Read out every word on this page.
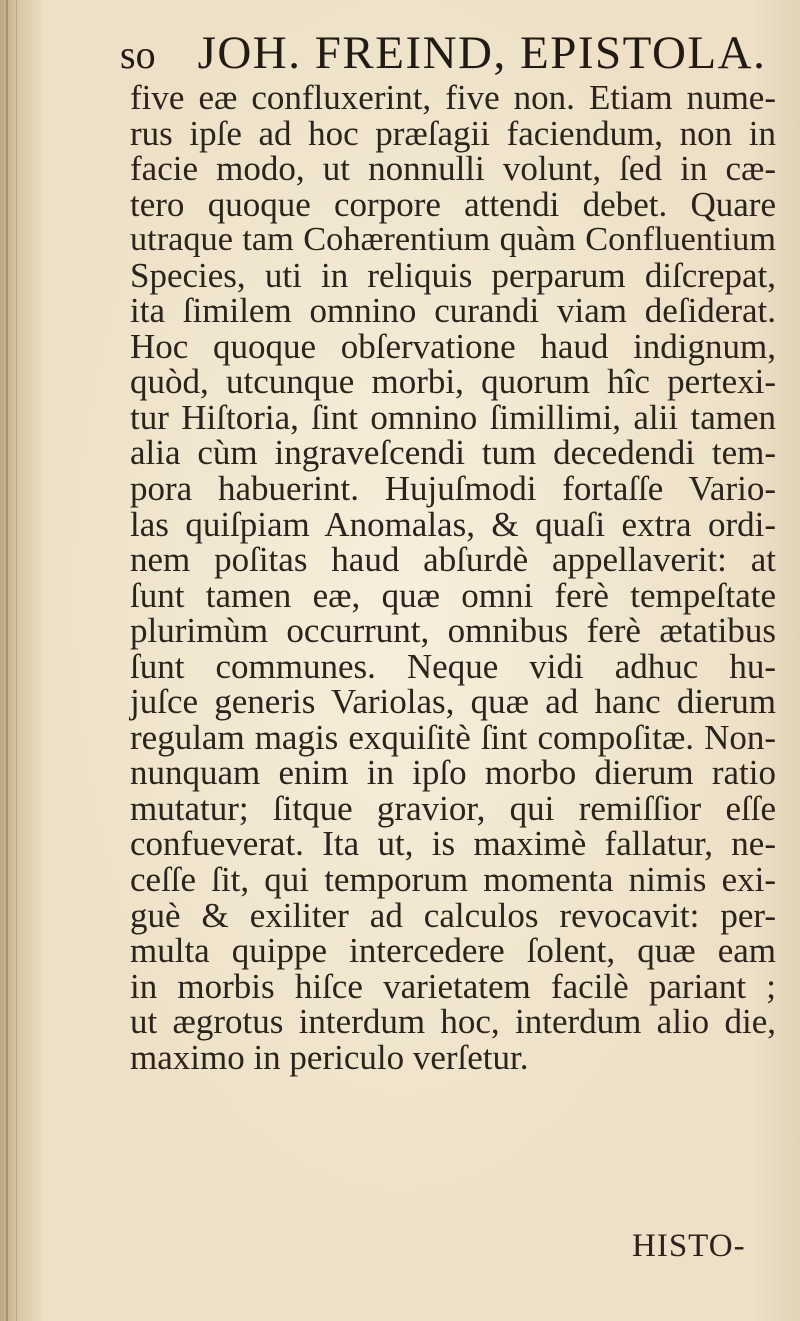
so JOH. FREIND, EPISTOLA.
five eæ confluxerint, five non. Etiam nume-
rus ipſe ad hoc præſagii faciendum, non in
facie modo, ut nonnulli volunt, ſed in cæ-
tero quoque corpore attendi debet. Quare
utraque tam Cohærentium quàm Confluentium
Species, uti in reliquis perparum diſcrepat,
ita ſimilem omnino curandi viam deſiderat.
Hoc quoque obſervatione haud indignum,
quòd, utcunque morbi, quorum hîc pertexi-
tur Hiſtoria, ſint omnino ſimillimi, alii tamen
alia cùm ingraveſcendi tum decedendi tem-
pora habuerint. Hujuſmodi fortaſſe Vario-
las quiſpiam Anomalas, & quaſi extra ordi-
nem poſitas haud abſurdè appellaverit: at
ſunt tamen eæ, quæ omni ferè tempeſtate
plurimùm occurrunt, omnibus ferè ætatibus
ſunt communes. Neque vidi adhuc hu-
juſce generis Variolas, quæ ad hanc dierum
regulam magis exquiſitè ſint compoſitæ. Non-
nunquam enim in ipſo morbo dierum ratio
mutatur; ſitque gravior, qui remiſſior eſſe
confueverat. Ita ut, is maximè fallatur, ne-
ceſſe ſit, qui temporum momenta nimis exi-
guè & exiliter ad calculos revocavit: per-
multa quippe intercedere ſolent, quæ eam
in morbis hiſce varietatem facilè pariant ;
ut ægrotus interdum hoc, interdum alio die,
maximo in periculo verſetur.
HISTO-
